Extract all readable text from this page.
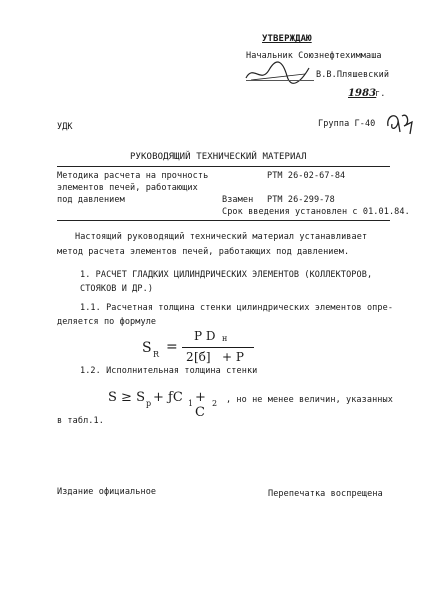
УТВЕРЖДАЮ
Начальник Союзнефтехиммаша
В.В.Пляшевский
1983
г.
УДК	Группа Г-40
РУКОВОДЯЩИЙ ТЕХНИЧЕСКИЙ МАТЕРИАЛ
Методика расчета на прочность	РТМ 26-02-67-84
элементов печей, работающих
под давлением	Взамен РТМ 26-299-78
Срок введения установлен с 01.01.84.
Настоящий руководящий технический материал устанавливает
метод расчета элементов печей, работающих под давлением.
1. РАСЧЕТ ГЛАДКИХ ЦИЛИНДРИЧЕСКИХ ЭЛЕМЕНТОВ (КОЛЛЕКТОРОВ,
СТОЯКОВ И ДР.)
1.1. Расчетная толщина стенки цилиндрических элементов опре-
деляется по формуле
S R =
P D н
2 [б] + P
1.2. Исполнительная толщина стенки
S ≥ S р + ƒC 1 + C
2 , но не менее величин, указанных
в табл.1.
Издание официальное	Перепечатка воспрещена
